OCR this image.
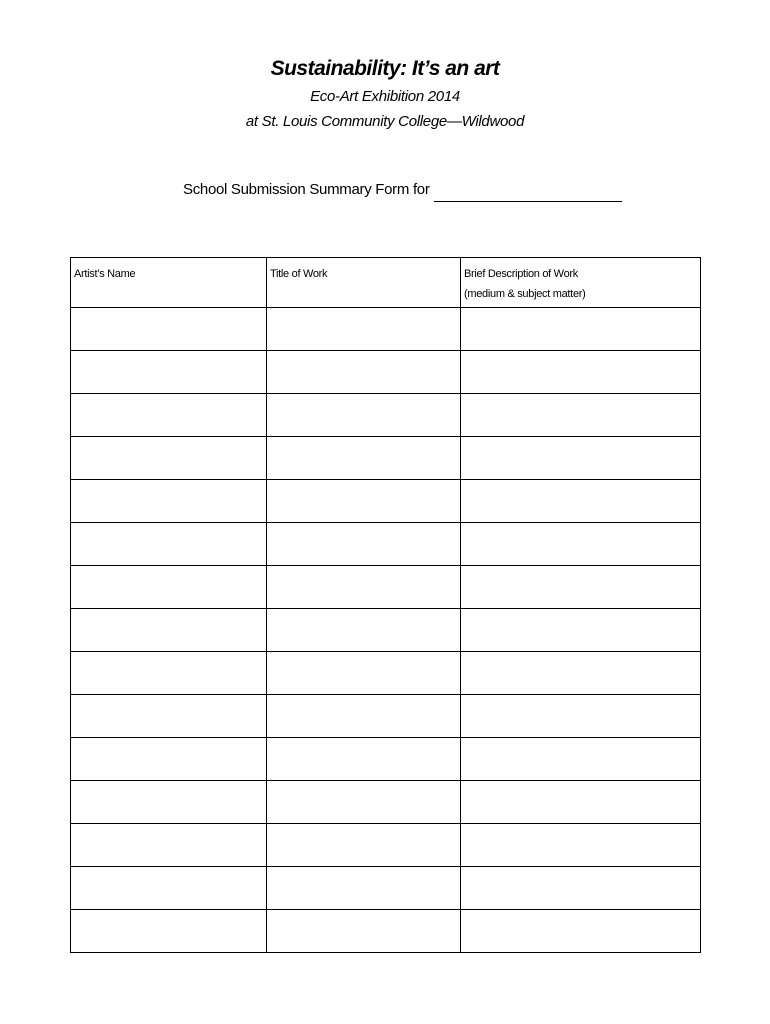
Sustainability: It’s an art
Eco-Art Exhibition 2014
at St. Louis Community College—Wildwood
School Submission Summary Form for
Artist’s Name	Title of Work	Brief Description of Work
(medium & subject matter)
